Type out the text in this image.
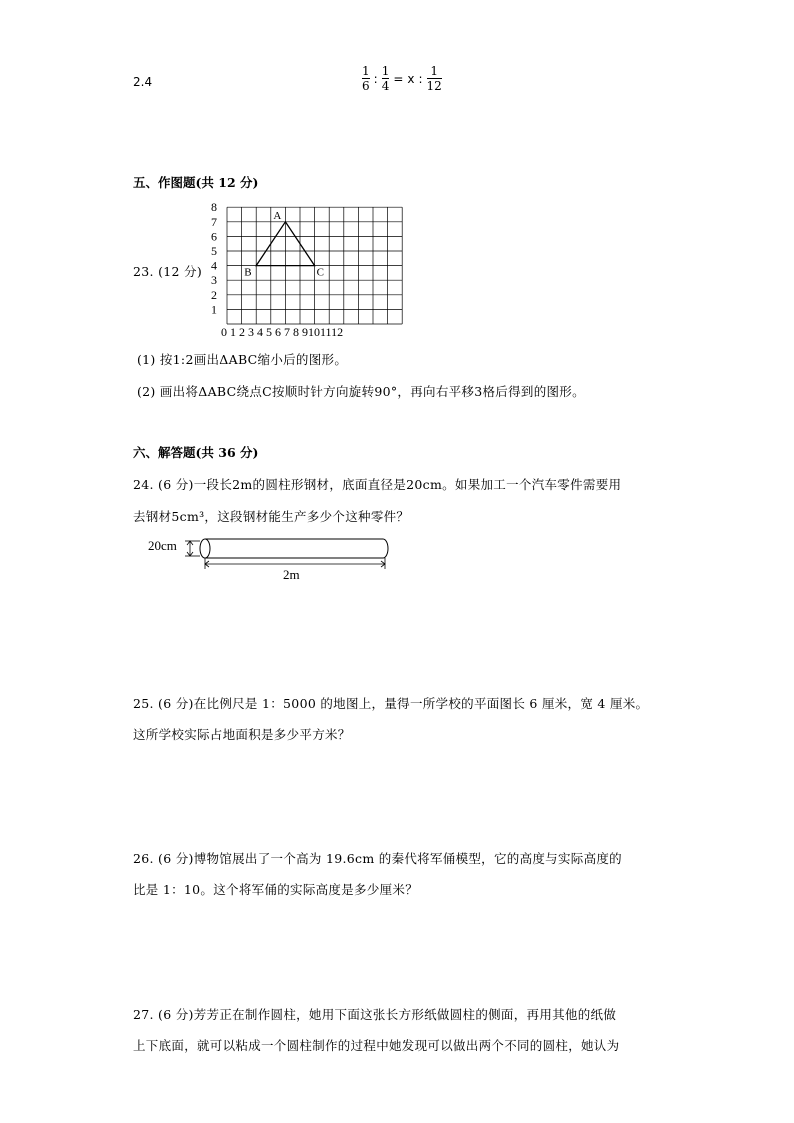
2.4	$\frac{1}{6}$ : $\frac{1}{4} = x$ : $\frac{1}{12}$
五、作图题(共 12 分)
23. (12 分)
1
2
3
4
5
6
7
8
0 1 2 3 4 5 6 7 8 9101112
A
B	C
(1) 按1:2画出ΔABC缩小后的图形。
(2) 画出将ΔABC绕点C按顺时针方向旋转90°，再向右平移3格后得到的图形。
六、解答题(共 36 分)
24. (6 分)一段长2m的圆柱形钢材，底面直径是20cm。如果加工一个汽车零件需要用
去钢材5cm³，这段钢材能生产多少个这种零件？
20cm
2m
25. (6 分)在比例尺是 1：5000 的地图上，量得一所学校的平面图长 6 厘米，宽 4 厘米。
这所学校实际占地面积是多少平方米？
26. (6 分)博物馆展出了一个高为 19.6cm 的秦代将军俑模型，它的高度与实际高度的
比是 1：10。这个将军俑的实际高度是多少厘米？
27. (6 分)芳芳正在制作圆柱，她用下面这张长方形纸做圆柱的侧面，再用其他的纸做
上下底面，就可以粘成一个圆柱制作的过程中她发现可以做出两个不同的圆柱，她认为
